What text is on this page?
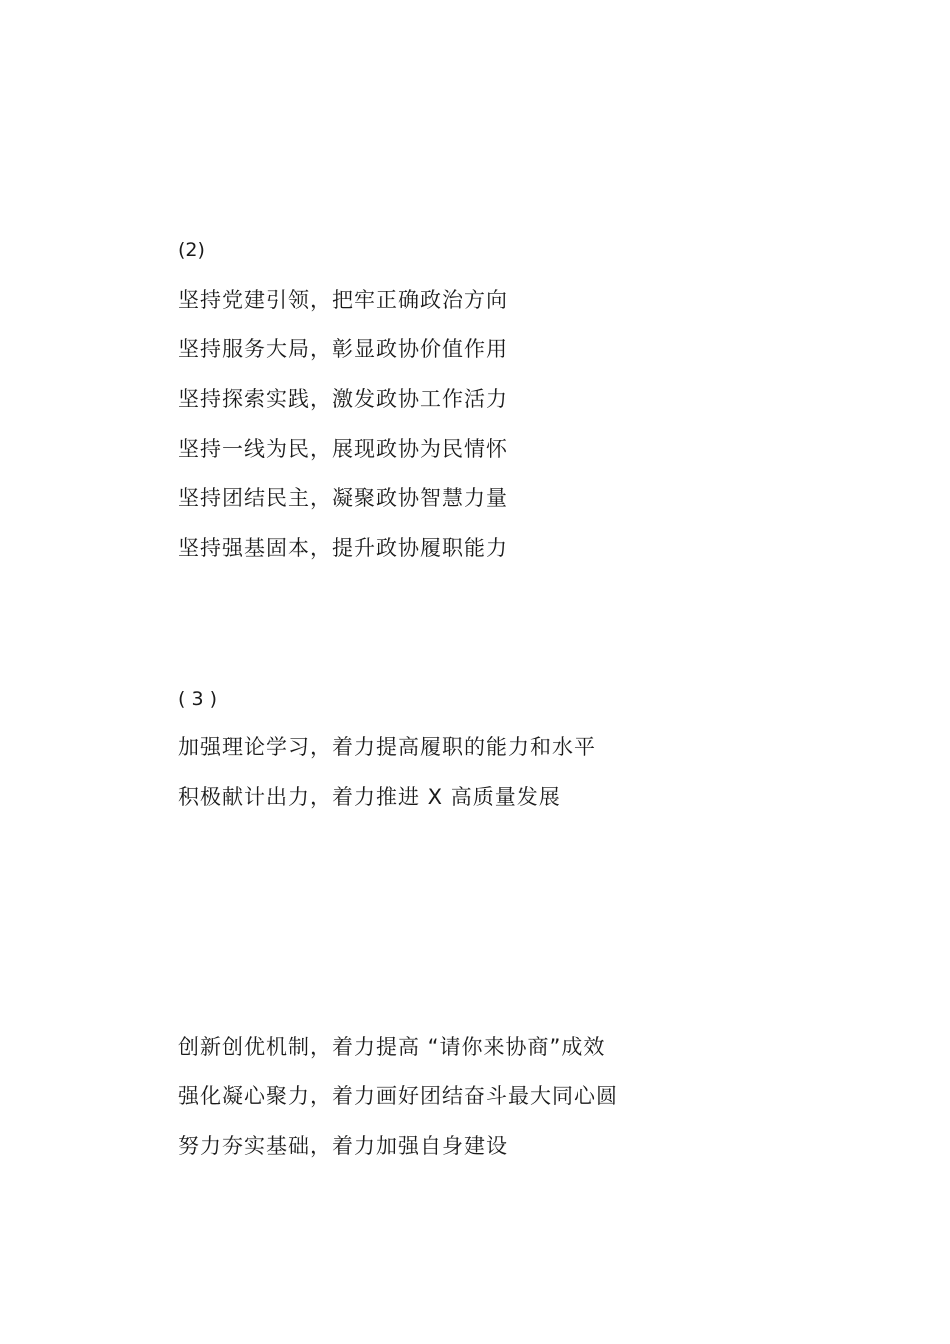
(2)
坚持党建引领，把牢正确政治方向
坚持服务大局，彰显政协价值作用
坚持探索实践，激发政协工作活力
坚持一线为民，展现政协为民情怀
坚持团结民主，凝聚政协智慧力量
坚持强基固本，提升政协履职能力
( 3 )
加强理论学习，着力提高履职的能力和水平
积极献计出力，着力推进 X 高质量发展
创新创优机制，着力提高 “请你来协商”成效
强化凝心聚力，着力画好团结奋斗最大同心圆
努力夯实基础，着力加强自身建设
